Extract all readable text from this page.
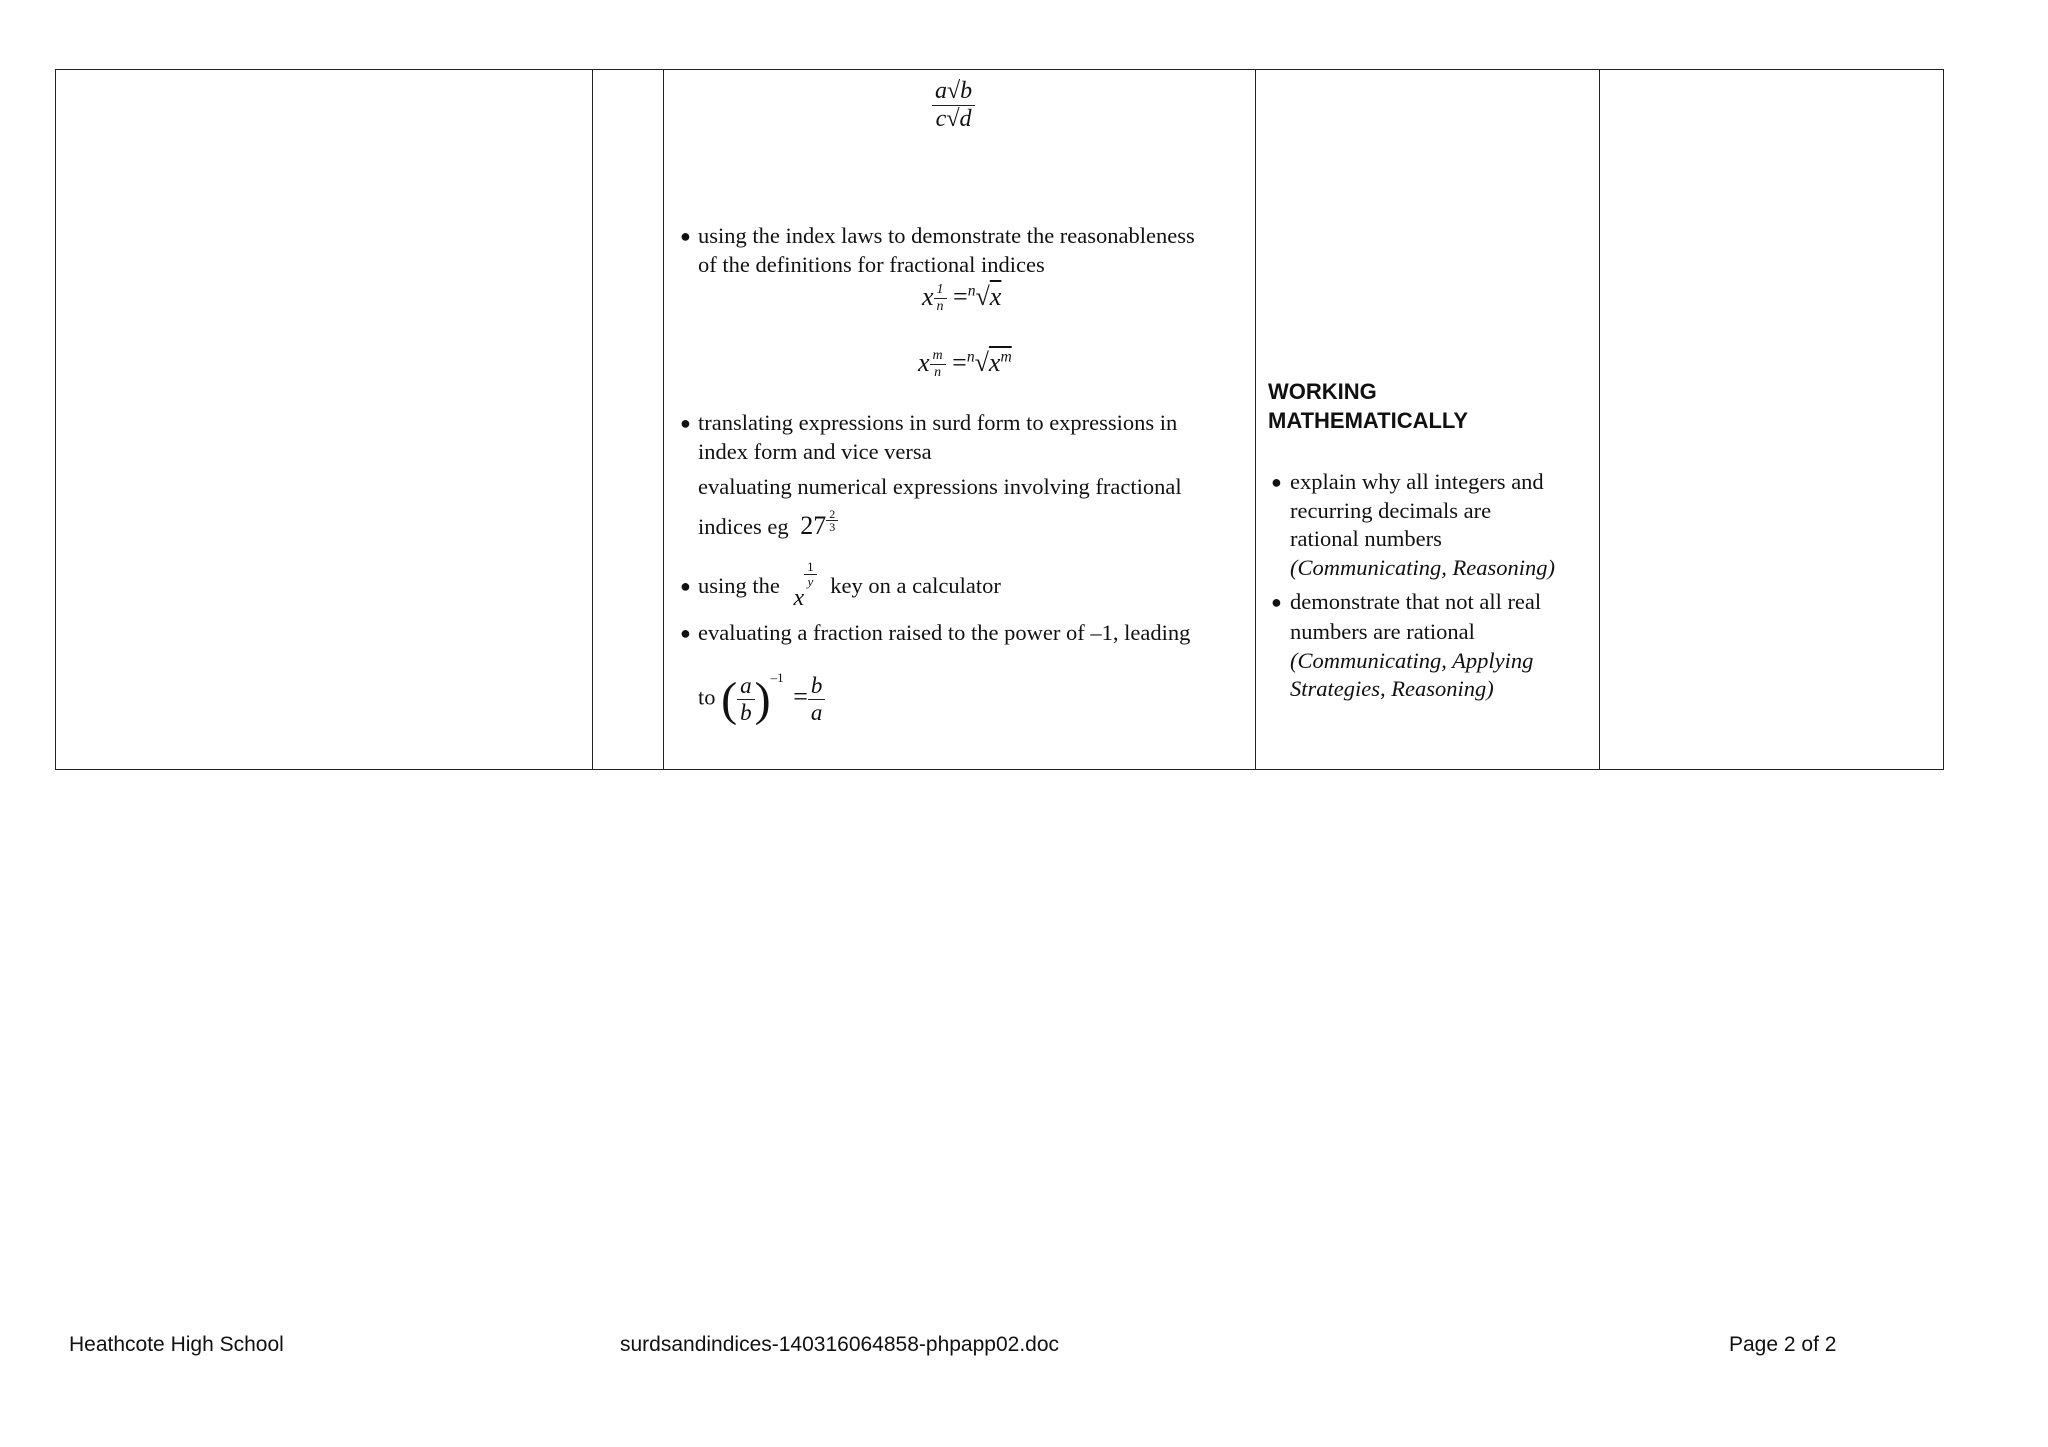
$\frac{a√b}{c√d}$
● using the index laws to demonstrate the reasonableness
of the definitions for fractional indices
x $\frac{1}{n} =^n√x$
x $\frac{m}{n} =^n√x^m$
● translating expressions in surd form to expressions in
index form and vice versa
evaluating numerical expressions involving fractional
indices eg $27 \frac{2}{3}$
● using the x
$\frac{1}{y}$ key on a calculator
● evaluating a fraction raised to the power of –1, leading
to ( $\frac{a}{b} )^{-1} = \frac{b}{a}$
WORKING
MATHEMATICALLY
● explain why all integers and
recurring decimals are
rational numbers
(Communicating, Reasoning)
● demonstrate that not all real
numbers are rational
(Communicating, Applying
Strategies, Reasoning)
Heathcote High School	surdsandindices-140316064858-phpapp02.doc	Page 2 of 2
